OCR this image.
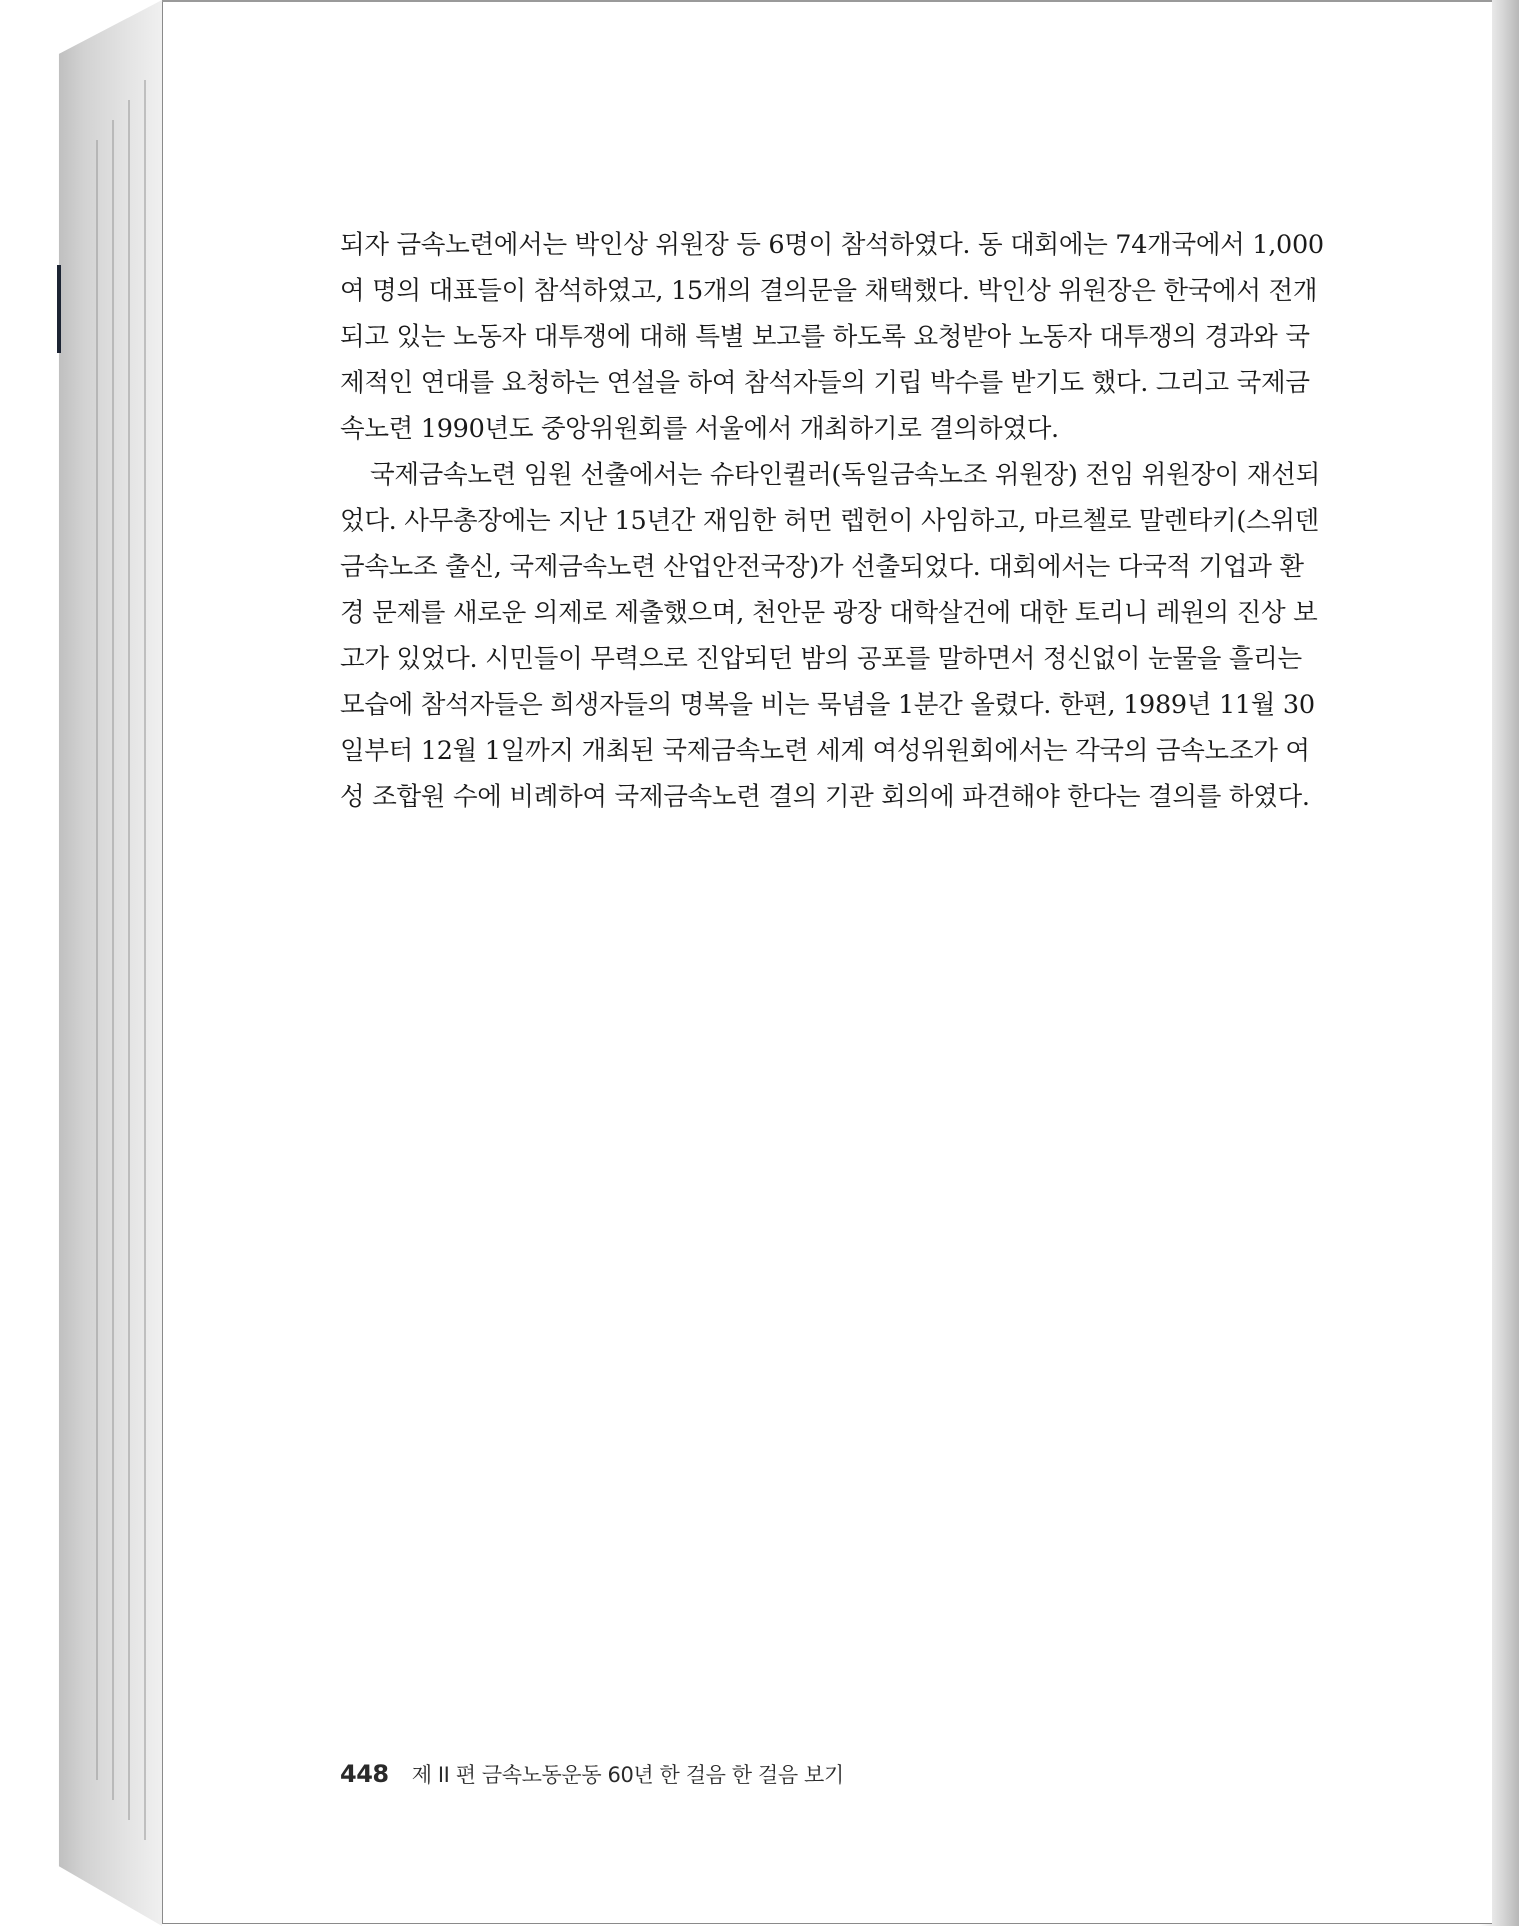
되자 금속노련에서는 박인상 위원장 등 6명이 참석하였다. 동 대회에는 74개국에서 1,000
여 명의 대표들이 참석하였고, 15개의 결의문을 채택했다. 박인상 위원장은 한국에서 전개
되고 있는 노동자 대투쟁에 대해 특별 보고를 하도록 요청받아 노동자 대투쟁의 경과와 국
제적인 연대를 요청하는 연설을 하여 참석자들의 기립 박수를 받기도 했다. 그리고 국제금
속노련 1990년도 중앙위원회를 서울에서 개최하기로 결의하였다.

국제금속노련 임원 선출에서는 슈타인퀼러(독일금속노조 위원장) 전임 위원장이 재선되
었다. 사무총장에는 지난 15년간 재임한 허먼 렙헌이 사임하고, 마르첼로 말렌타키(스위덴
금속노조 출신, 국제금속노련 산업안전국장)가 선출되었다. 대회에서는 다국적 기업과 환
경 문제를 새로운 의제로 제출했으며, 천안문 광장 대학살건에 대한 토리니 레원의 진상 보
고가 있었다. 시민들이 무력으로 진압되던 밤의 공포를 말하면서 정신없이 눈물을 흘리는
모습에 참석자들은 희생자들의 명복을 비는 묵념을 1분간 올렸다. 한편, 1989년 11월 30
일부터 12월 1일까지 개최된 국제금속노련 세계 여성위원회에서는 각국의 금속노조가 여
성 조합원 수에 비례하여 국제금속노련 결의 기관 회의에 파견해야 한다는 결의를 하였다.

448 제 II 편 금속노동운동 60년 한 걸음 한 걸음 보기
